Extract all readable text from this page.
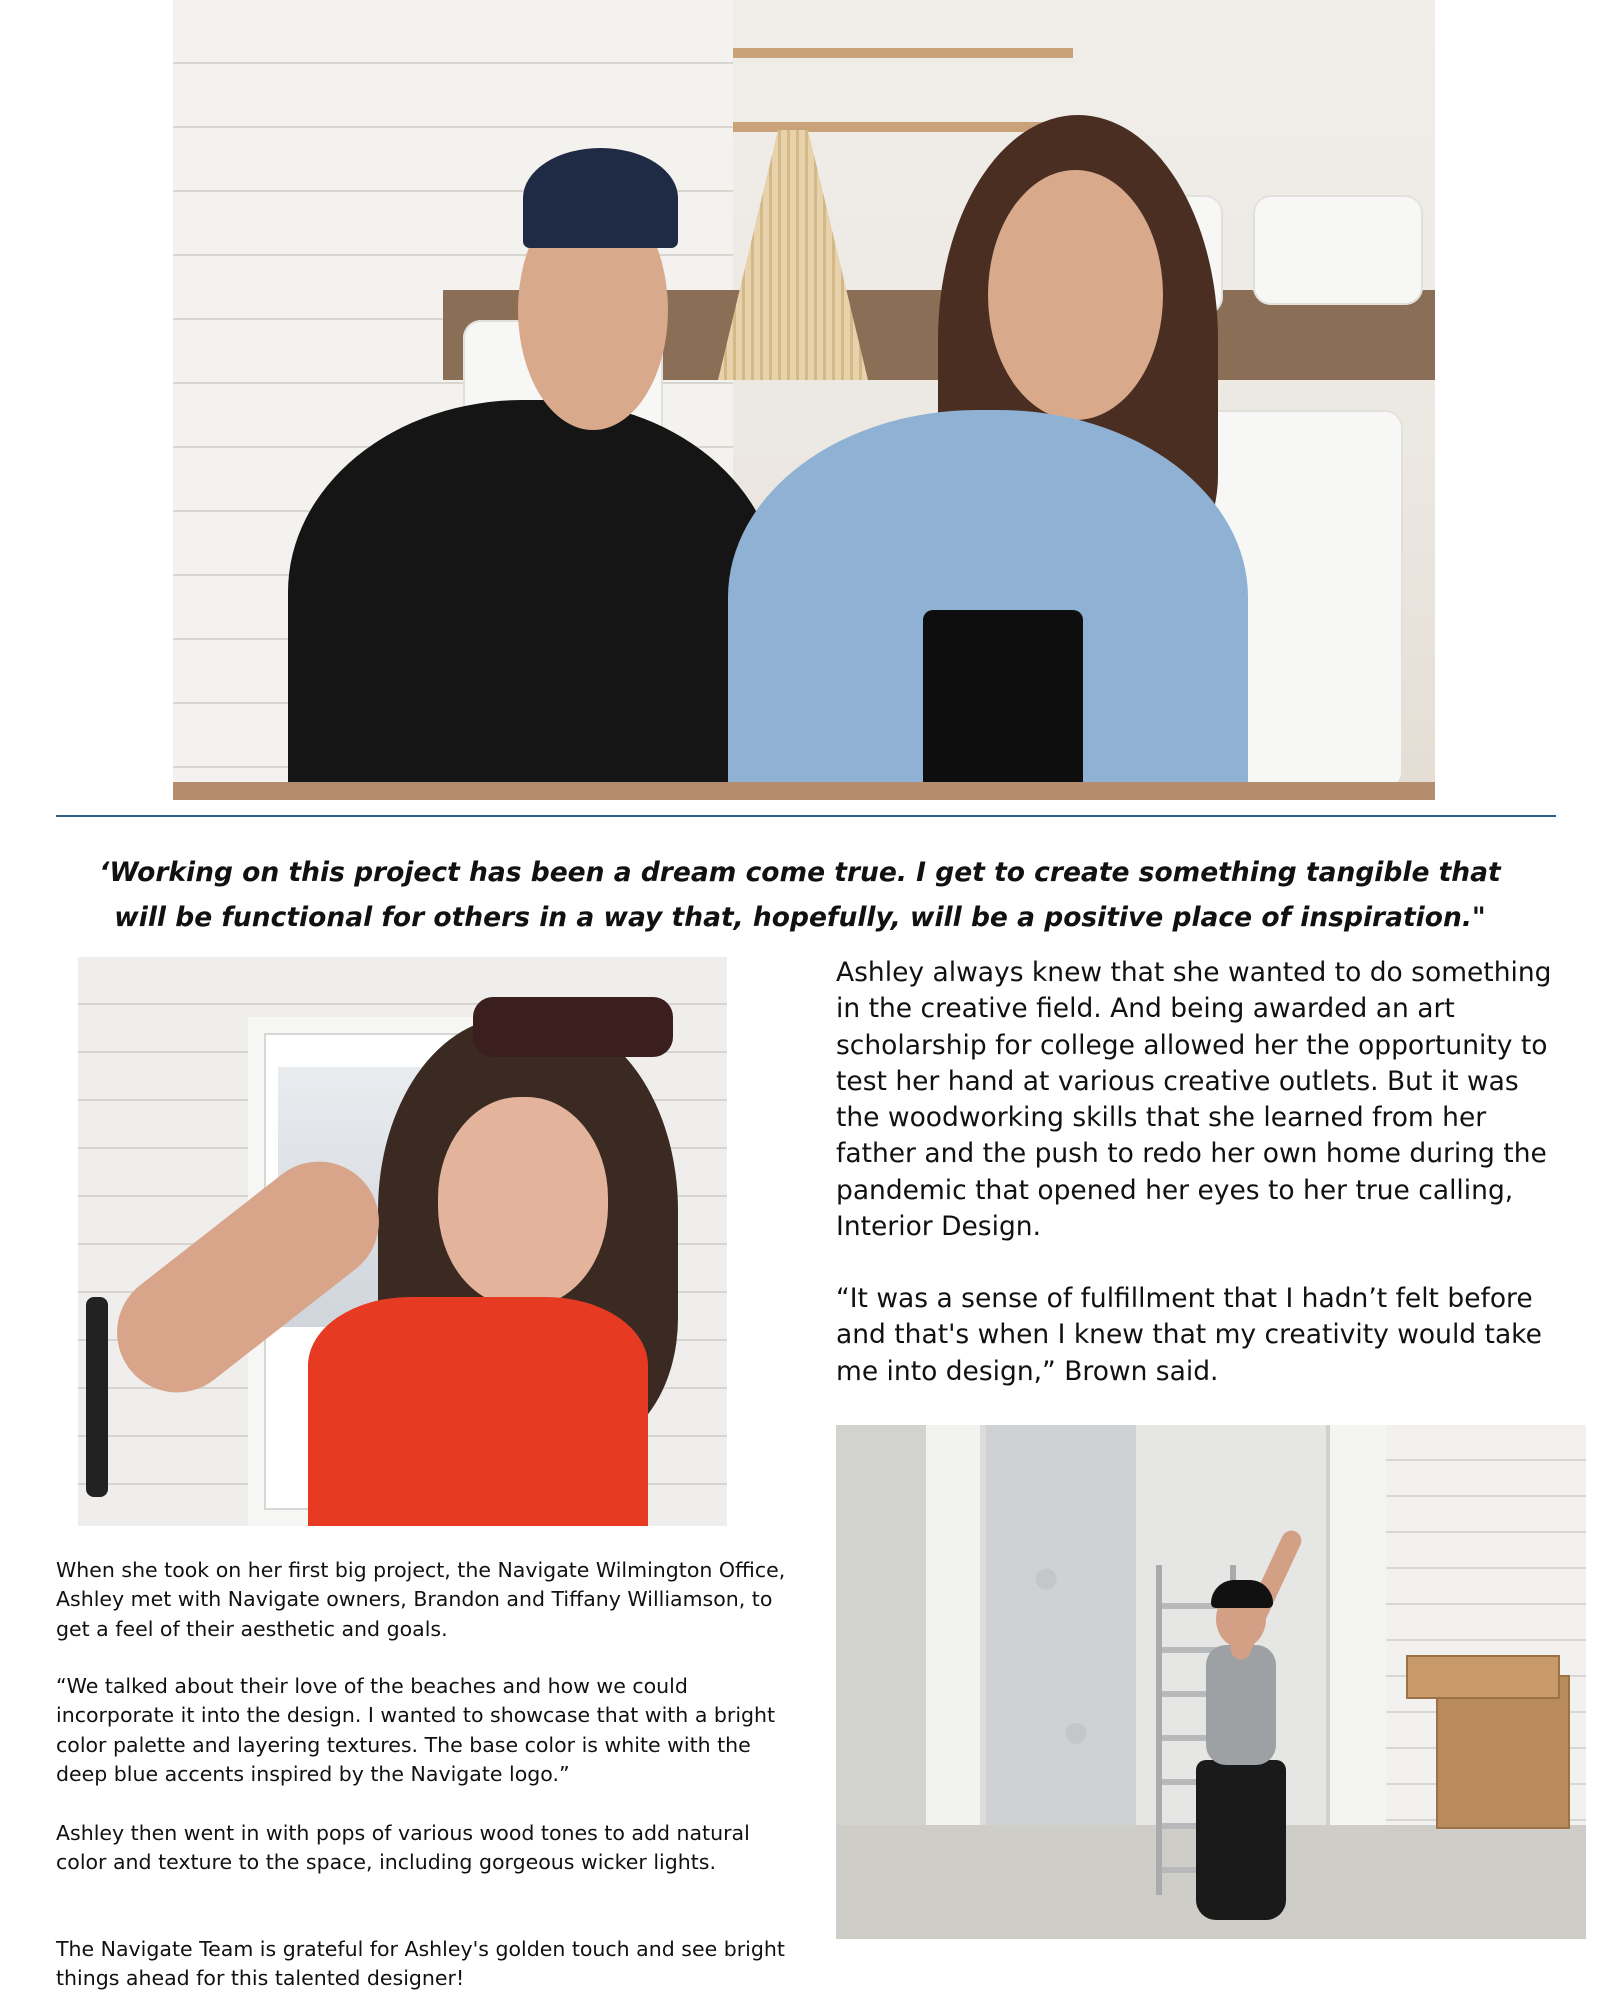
‘Working on this project has been a dream come true. I get to create something tangible that will be functional for others in a way that, hopefully, will be a positive place of inspiration."

Ashley always knew that she wanted to do something in the creative field. And being awarded an art scholarship for college allowed her the opportunity to test her hand at various creative outlets. But it was the woodworking skills that she learned from her father and the push to redo her own home during the pandemic that opened her eyes to her true calling, Interior Design.

“It was a sense of fulfillment that I hadn’t felt before and that's when I knew that my creativity would take me into design,” Brown said.

When she took on her first big project, the Navigate Wilmington Office, Ashley met with Navigate owners, Brandon and Tiffany Williamson, to get a feel of their aesthetic and goals.

“We talked about their love of the beaches and how we could incorporate it into the design. I wanted to showcase that with a bright color palette and layering textures. The base color is white with the deep blue accents inspired by the Navigate logo.”

Ashley then went in with pops of various wood tones to add natural color and texture to the space, including gorgeous wicker lights.

The Navigate Team is grateful for Ashley's golden touch and see bright things ahead for this talented designer!
